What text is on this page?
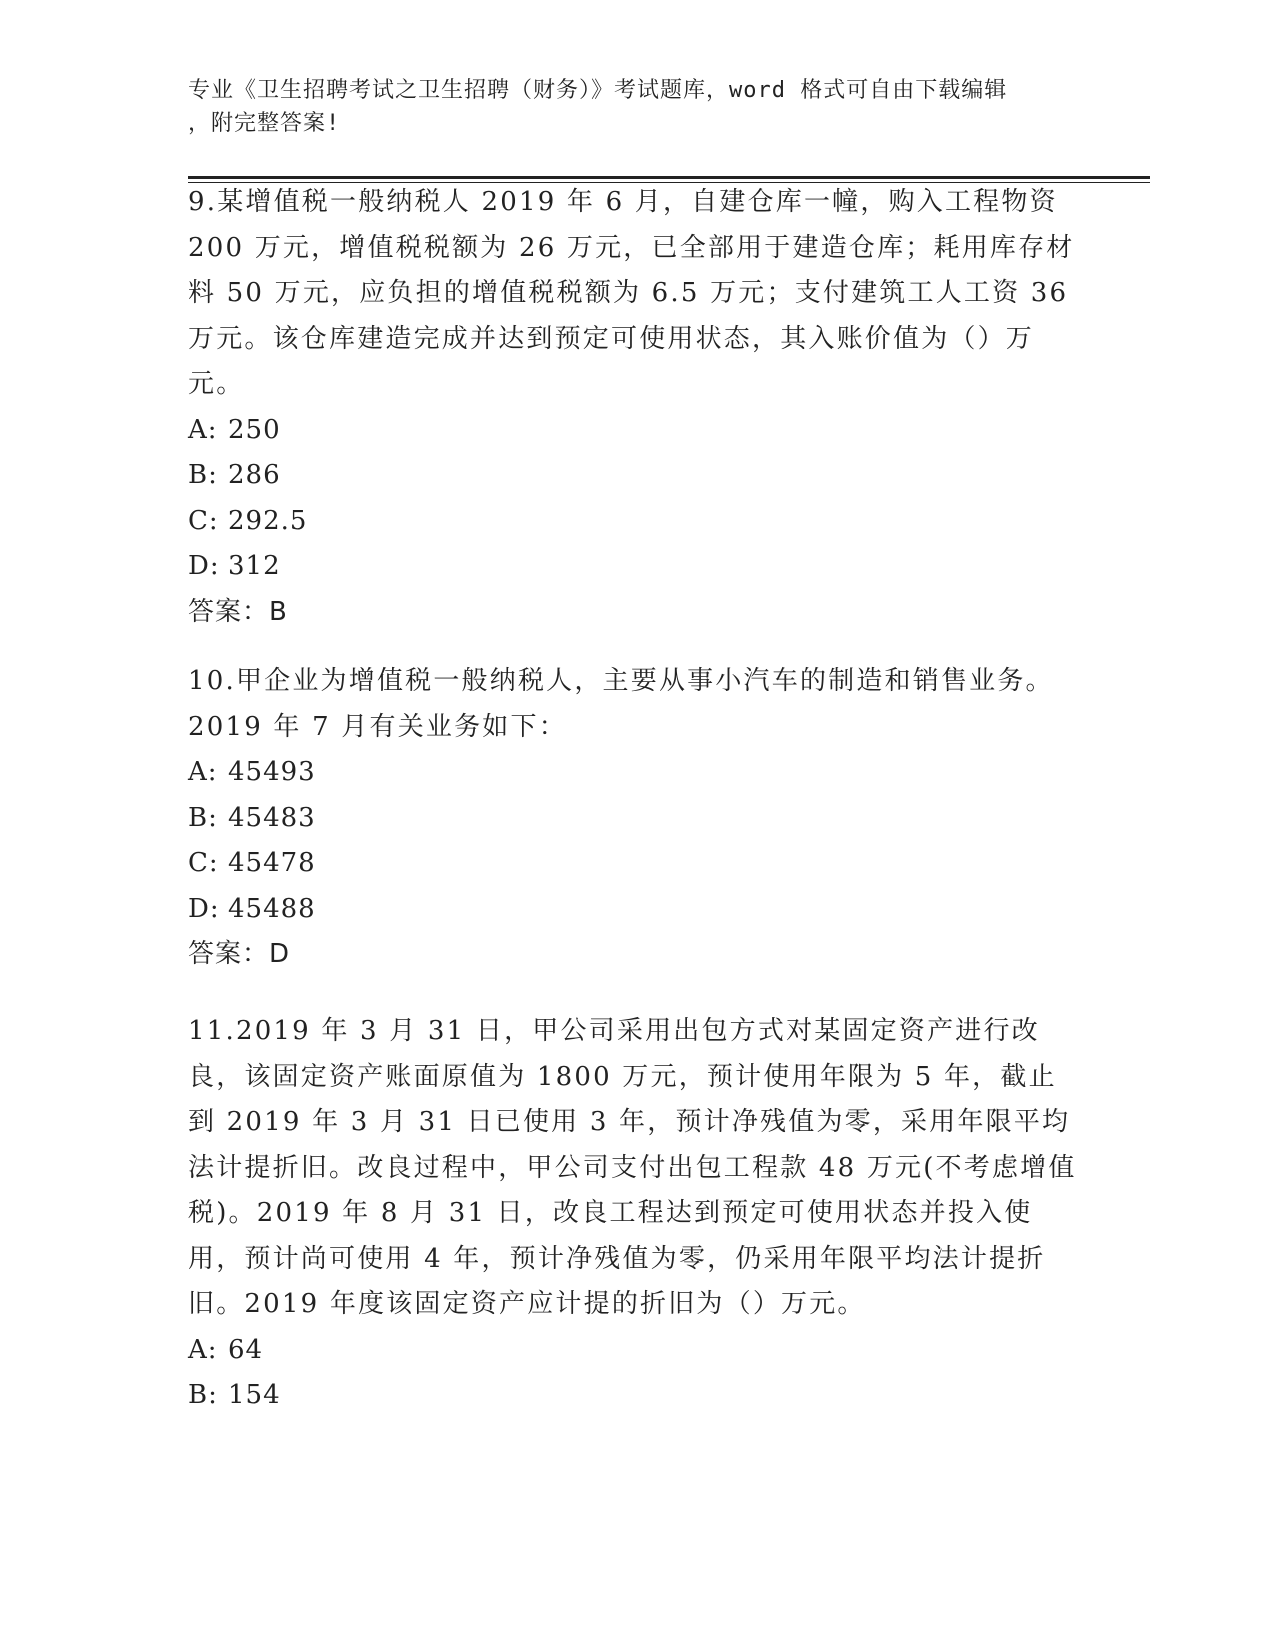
专业《卫生招聘考试之卫生招聘（财务）》考试题库，word 格式可自由下载编辑
，附完整答案!

9.某增值税一般纳税人 2019 年 6 月，自建仓库一幢，购入工程物资 200 万元，增值税税额为 26 万元，已全部用于建造仓库；耗用库存材料 50 万元，应负担的增值税税额为 6.5 万元；支付建筑工人工资 36 万元。该仓库建造完成并达到预定可使用状态，其入账价值为（）万元。

A: 250
B: 286
C: 292.5
D: 312
答案：B

10.甲企业为增值税一般纳税人，主要从事小汽车的制造和销售业务。2019 年 7 月有关业务如下：

A: 45493
B: 45483
C: 45478
D: 45488
答案：D

11.2019 年 3 月 31 日，甲公司采用出包方式对某固定资产进行改良，该固定资产账面原值为 1800 万元，预计使用年限为 5 年，截止到 2019 年 3 月 31 日已使用 3 年，预计净残值为零，采用年限平均法计提折旧。改良过程中，甲公司支付出包工程款 48 万元(不考虑增值税)。2019 年 8 月 31 日，改良工程达到预定可使用状态并投入使用，预计尚可使用 4 年，预计净残值为零，仍采用年限平均法计提折旧。2019 年度该固定资产应计提的折旧为（）万元。

A: 64
B: 154
